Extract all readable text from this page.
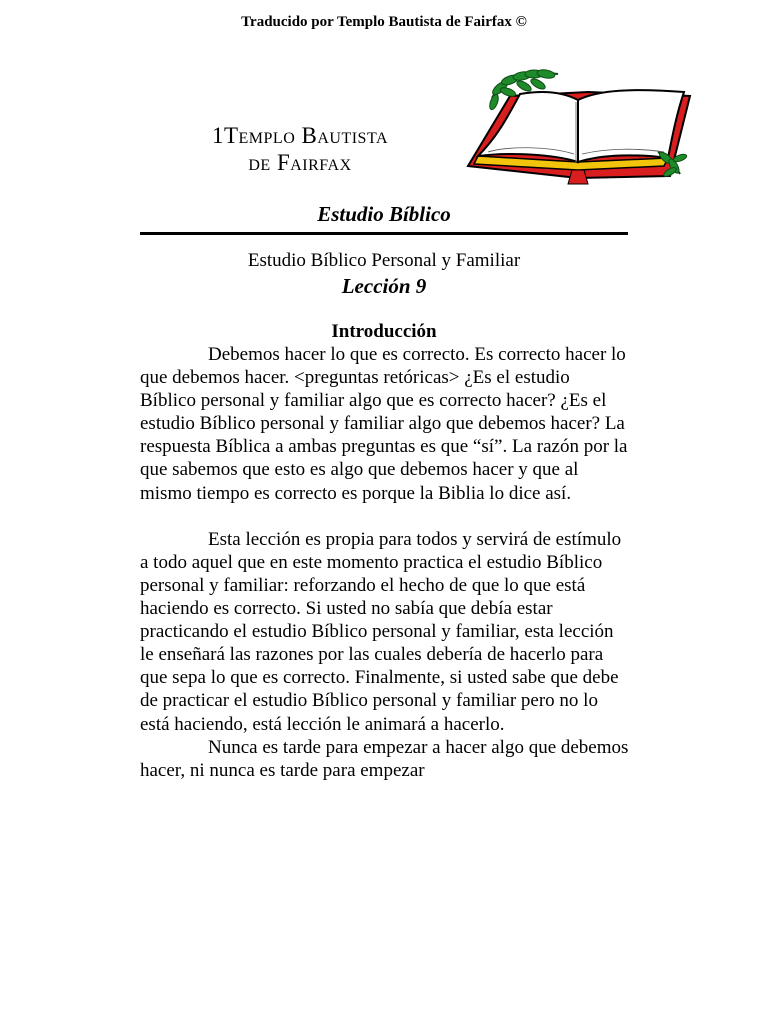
Traducido por Templo Bautista de Fairfax ©
1Templo Bautista
de Fairfax
Estudio Bíblico
Estudio Bíblico Personal y Familiar
Lección 9
Introducción

Debemos hacer lo que es correcto. Es correcto hacer lo que debemos hacer. <preguntas retóricas> ¿Es el estudio Bíblico personal y familiar algo que es correcto hacer? ¿Es el estudio Bíblico personal y familiar algo que debemos hacer? La respuesta Bíblica a ambas preguntas es que “sí”. La razón por la que sabemos que esto es algo que debemos hacer y que al mismo tiempo es correcto es porque la Biblia lo dice así.

Esta lección es propia para todos y servirá de estímulo a todo aquel que en este momento practica el estudio Bíblico personal y familiar: reforzando el hecho de que lo que está haciendo es correcto. Si usted no sabía que debía estar practicando el estudio Bíblico personal y familiar, esta lección le enseñará las razones por las cuales debería de hacerlo para que sepa lo que es correcto. Finalmente, si usted sabe que debe de practicar el estudio Bíblico personal y familiar pero no lo está haciendo, está lección le animará a hacerlo.

Nunca es tarde para empezar a hacer algo que debemos hacer, ni nunca es tarde para empezar
